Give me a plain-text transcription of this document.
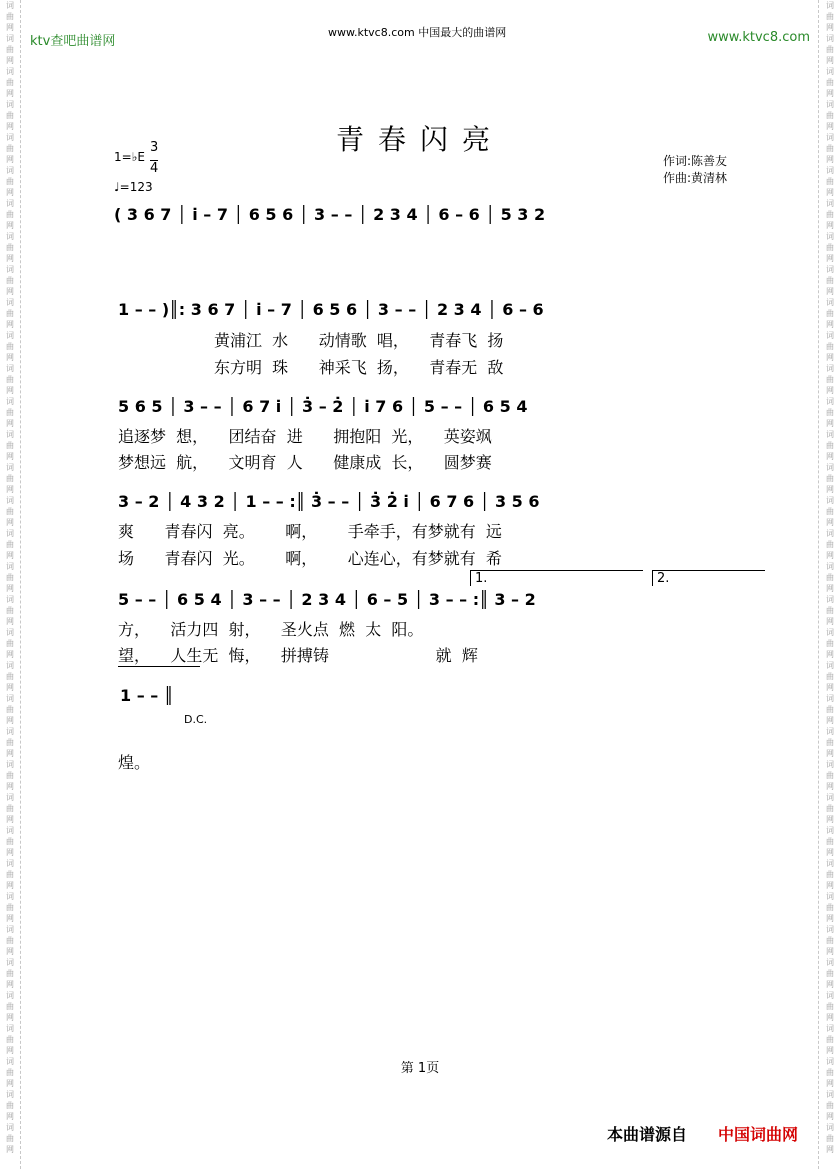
词曲网词曲网词曲网词曲网词曲网词曲网词曲网词曲网词曲网词曲网词曲网词曲网词曲网词曲网词曲网词曲网词曲网词曲网词曲网词曲网词曲网词曲网词曲网词曲网词曲网词曲网词曲网词曲网词曲网词曲网词曲网词曲网词曲网词曲网词曲网
词曲网词曲网词曲网词曲网词曲网词曲网词曲网词曲网词曲网词曲网词曲网词曲网词曲网词曲网词曲网词曲网词曲网词曲网词曲网词曲网词曲网词曲网词曲网词曲网词曲网词曲网词曲网词曲网词曲网词曲网词曲网词曲网词曲网词曲网词曲网
ktv查吧曲谱网
www.ktvc8.com 中国最大的曲谱网	www.ktvc8.com
青春闪亮
1=♭E
3
4
♩=123
作词:陈善友
作曲:黄清林
( 3 6 7 │ i̇ – 7 │ 6 5 6 │ 3 – – │ 2 3 4 │ 6 – 6 │ 5 3 2
1 – – )║: 3 6 7 │ i̇ – 7 │ 6 5 6 │ 3 – – │ 2 3 4 │ 6 – 6
黄浦江  水      动情歌  唱，    青春飞  扬
东方明  珠      神采飞  扬，    青春无  敌
5 6 5 │ 3 – – │ 6 7 i̇ │ 3̇ – 2̇ │ i̇ 7 6 │ 5 – – │ 6 5 4
追逐梦  想，    团结奋  进      拥抱阳  光，    英姿飒
梦想远  航，    文明育  人      健康成  长，    圆梦赛
3 – 2 │ 4 3 2 │ 1 – – :║ 3̇ – – │ 3̇ 2̇ i̇ │ 6 7 6 │ 3 5 6
爽      青春闪  亮。      啊，      手牵手，有梦就有  远
场      青春闪  光。      啊，      心连心，有梦就有  希
1.	2.
5 – – │ 6 5 4 │ 3 – – │ 2 3 4 │ 6 – 5 │ 3 – – :║ 3 – 2
方，    活力四  射，    圣火点  燃  太  阳。
望，    人生无  悔，    拼搏铸                     就  辉
1 – – ║
D.C.
煌。
第 1页
本曲谱源自 中国词曲网
